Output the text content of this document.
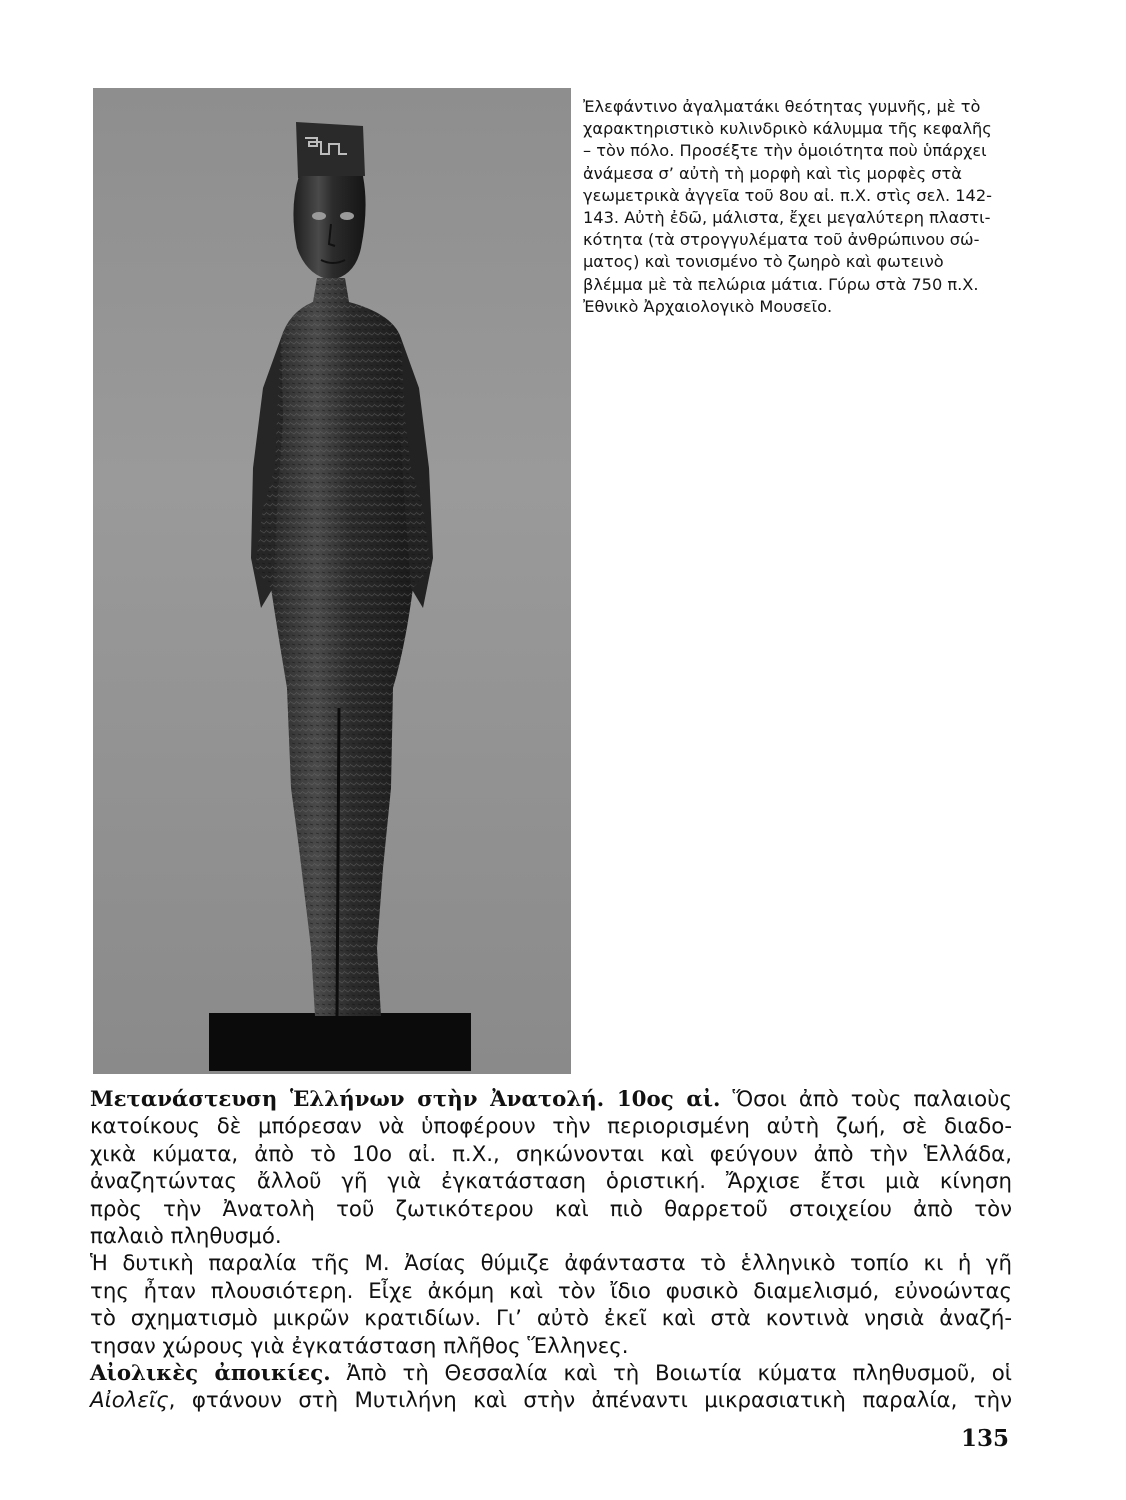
Ἐλεφάντινο ἀγαλματάκι θεότητας γυμνῆς, μὲ τὸ
χαρακτηριστικὸ κυλινδρικὸ κάλυμμα τῆς κεφαλῆς
– τὸν πόλο. Προσέξτε τὴν ὁμοιότητα ποὺ ὑπάρχει
ἀνάμεσα σ’ αὐτὴ τὴ μορφὴ καὶ τὶς μορφὲς στὰ
γεωμετρικὰ ἀγγεῖα τοῦ 8ου αἰ. π.Χ. στὶς σελ. 142-
143. Αὐτὴ ἐδῶ, μάλιστα, ἔχει μεγαλύτερη πλαστι-
κότητα (τὰ στρογγυλέματα τοῦ ἀνθρώπινου σώ-
ματος) καὶ τονισμένο τὸ ζωηρὸ καὶ φωτεινὸ
βλέμμα μὲ τὰ πελώρια μάτια. Γύρω στὰ 750 π.Χ.
Ἐθνικὸ Ἀρχαιολογικὸ Μουσεῖο.
Μετανάστευση Ἑλλήνων στὴν Ἀνατολή. 10ος αἰ. Ὅσοι ἀπὸ τοὺς παλαιοὺς
κατοίκους δὲ μπόρεσαν νὰ ὑποφέρουν τὴν περιορισμένη αὐτὴ ζωή, σὲ διαδο-
χικὰ κύματα, ἀπὸ τὸ 10ο αἰ. π.Χ., σηκώνονται καὶ φεύγουν ἀπὸ τὴν Ἑλλάδα,
ἀναζητώντας ἄλλοῦ γῆ γιὰ ἐγκατάσταση ὁριστική. Ἄρχισε ἔτσι μιὰ κίνηση
πρὸς τὴν Ἀνατολὴ τοῦ ζωτικότερου καὶ πιὸ θαρρετοῦ στοιχείου ἀπὸ τὸν
παλαιὸ πληθυσμό.
Ἡ δυτικὴ παραλία τῆς Μ. Ἀσίας θύμιζε ἀφάνταστα τὸ ἑλληνικὸ τοπίο κι ἡ γῆ
της ἦταν πλουσιότερη. Εἶχε ἀκόμη καὶ τὸν ἴδιο φυσικὸ διαμελισμό, εὐνοώντας
τὸ σχηματισμὸ μικρῶν κρατιδίων. Γι’ αὐτὸ ἐκεῖ καὶ στὰ κοντινὰ νησιὰ ἀναζή-
τησαν χώρους γιὰ ἐγκατάσταση πλῆθος Ἕλληνες.
Αἰολικὲς ἀποικίες. Ἀπὸ τὴ Θεσσαλία καὶ τὴ Βοιωτία κύματα πληθυσμοῦ, οἱ
Αἰολεῖς, φτάνουν στὴ Μυτιλήνη καὶ στὴν ἀπέναντι μικρασιατικὴ παραλία, τὴν
135
